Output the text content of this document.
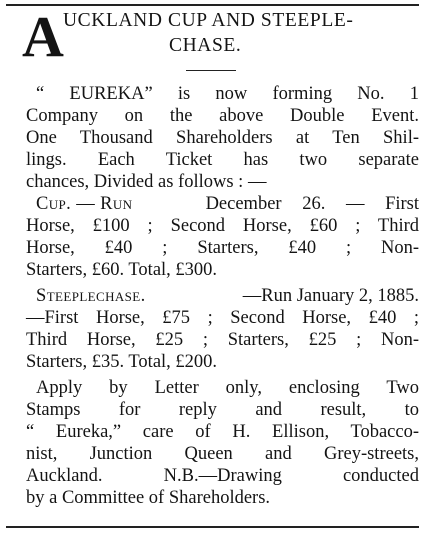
A UCKLAND CUP AND STEEPLE-
CHASE.
“ EUREKA” is now forming No. 1
Company on the above Double Event.
One Thousand Shareholders at Ten Shil-
lings. Each Ticket has two separate
chances, Divided as follows : —
Cup. — Run	December 26. — First
Horse, £100 ; Second Horse, £60 ; Third
Horse, £40 ; Starters, £40 ; Non-
Starters, £60. Total, £300.
Steeplechase.	—Run January 2, 1885.
—First Horse, £75 ; Second Horse, £40 ;
Third Horse, £25 ; Starters, £25 ; Non-
Starters, £35. Total, £200.
Apply by Letter only, enclosing Two
Stamps for reply and result, to
“ Eureka,” care of H. Ellison, Tobacco-
nist, Junction Queen and Grey-streets,
Auckland. N.B.—Drawing conducted
by a Committee of Shareholders.
